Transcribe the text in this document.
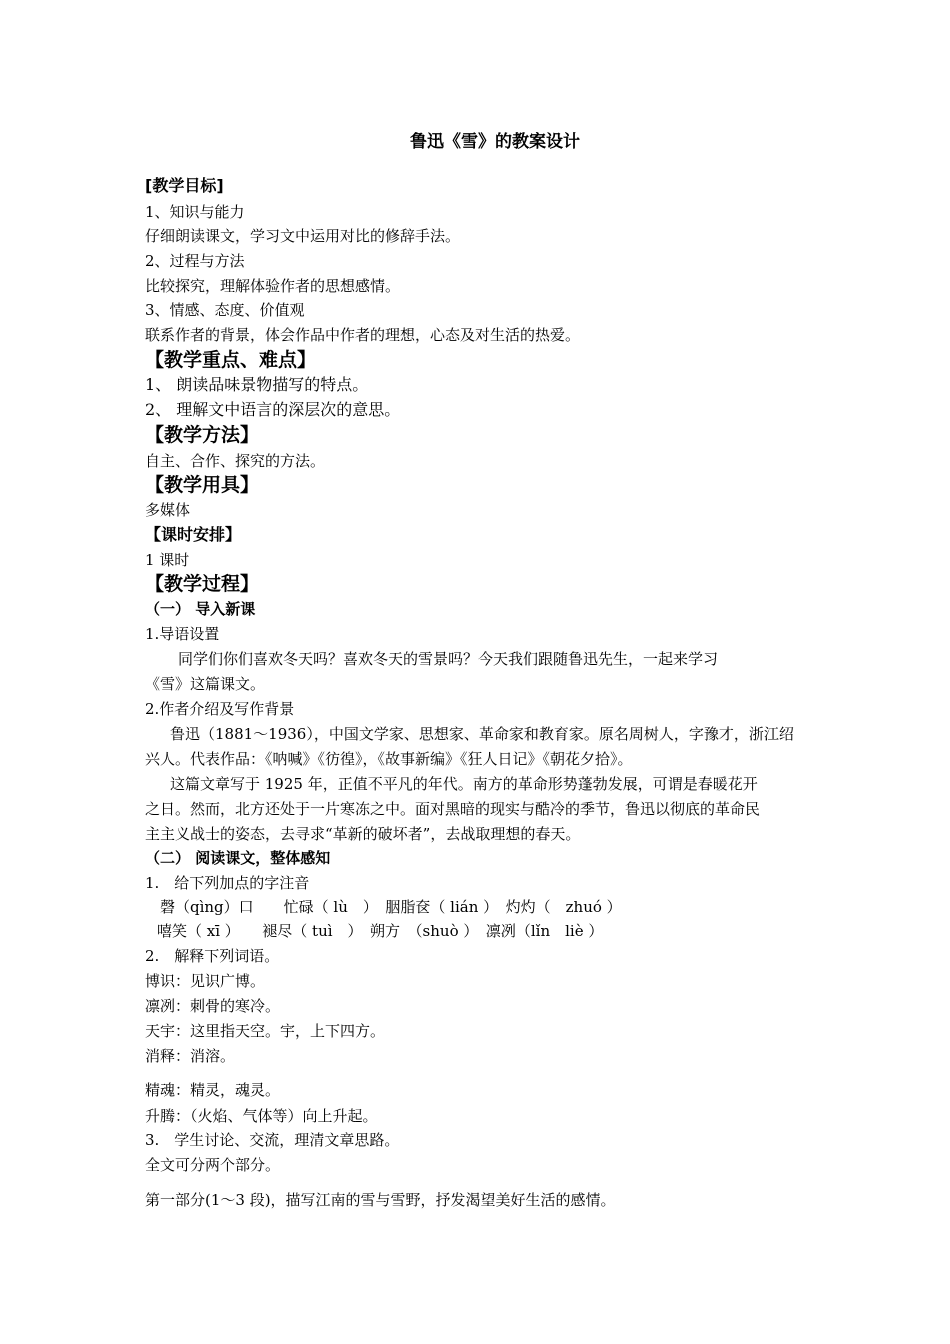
鲁迅《雪》的教案设计
[教学目标]
1、知识与能力
仔细朗读课文，学习文中运用对比的修辞手法。
2、过程与方法
比较探究，理解体验作者的思想感情。
3、情感、态度、价值观
联系作者的背景，体会作品中作者的理想，心态及对生活的热爱。
【教学重点、难点】
1、 朗读品味景物描写的特点。
2、 理解文中语言的深层次的意思。
【教学方法】
自主、合作、探究的方法。
【教学用具】
多媒体
【课时安排】
1 课时
【教学过程】
（一） 导入新课
1.导语设置
同学们你们喜欢冬天吗？喜欢冬天的雪景吗？今天我们跟随鲁迅先生，一起来学习
《雪》这篇课文。
2.作者介绍及写作背景
鲁迅（1881～1936），中国文学家、思想家、革命家和教育家。原名周树人，字豫才，浙江绍
兴人。代表作品：《呐喊》《彷徨》，《故事新编》《狂人日记》《朝花夕拾》。
这篇文章写于 1925 年，正值不平凡的年代。南方的革命形势蓬勃发展，可谓是春暖花开
之日。然而，北方还处于一片寒冻之中。面对黑暗的现实与酷冷的季节，鲁迅以彻底的革命民
主主义战士的姿态，去寻求“革新的破坏者”，去战取理想的春天。
（二） 阅读课文，整体感知
1.　给下列加点的字注音
磬（qìng）口　　忙碌（ lù　）　胭脂奁（ lián ）　灼灼（　zhuó ）
嘻笑（ xī ）　　褪尽（ tuì　）　朔方　（shuò ）　凛冽（lǐn　liè ）
2.　解释下列词语。
博识：见识广博。
凛冽：刺骨的寒冷。
天宇：这里指天空。宇，上下四方。
消释：消溶。
精魂：精灵，魂灵。
升腾：（火焰、气体等）向上升起。
3.　学生讨论、交流，理清文章思路。
全文可分两个部分。
第一部分(1～3 段)，描写江南的雪与雪野，抒发渴望美好生活的感情。
